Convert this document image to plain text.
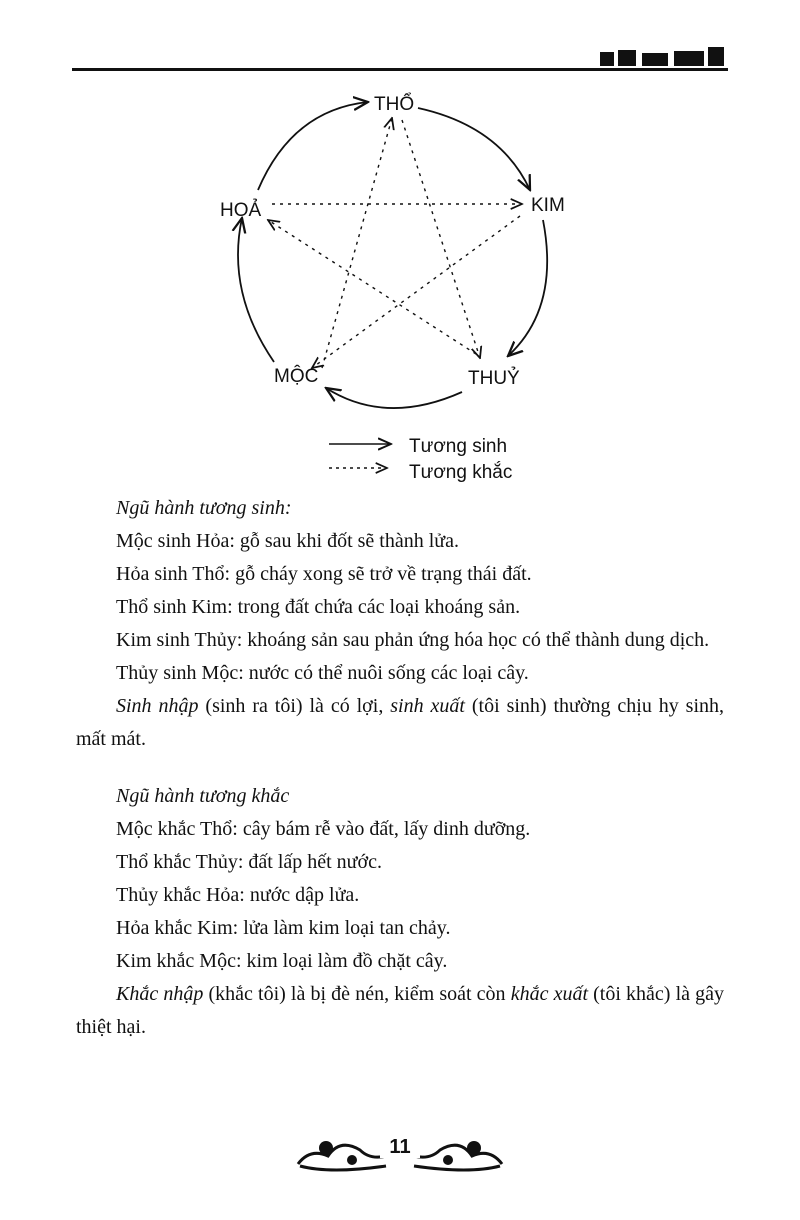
THỔ
KIM
THUỶ
MỘC
HOẢ
Tương sinh
Tương khắc

Ngũ hành tương sinh:

Mộc sinh Hỏa: gỗ sau khi đốt sẽ thành lửa.

Hỏa sinh Thổ: gỗ cháy xong sẽ trở về trạng thái đất.

Thổ sinh Kim: trong đất chứa các loại khoáng sản.

Kim sinh Thủy: khoáng sản sau phản ứng hóa học có thể thành dung dịch.

Thủy sinh Mộc: nước có thể nuôi sống các loại cây.

Sinh nhập (sinh ra tôi) là có lợi, sinh xuất (tôi sinh) thường chịu hy sinh, mất mát.

Ngũ hành tương khắc

Mộc khắc Thổ: cây bám rễ vào đất, lấy dinh dưỡng.

Thổ khắc Thủy: đất lấp hết nước.

Thủy khắc Hỏa: nước dập lửa.

Hỏa khắc Kim: lửa làm kim loại tan chảy.

Kim khắc Mộc: kim loại làm đồ chặt cây.

Khắc nhập (khắc tôi) là bị đè nén, kiểm soát còn khắc xuất (tôi khắc) là gây thiệt hại.

11
